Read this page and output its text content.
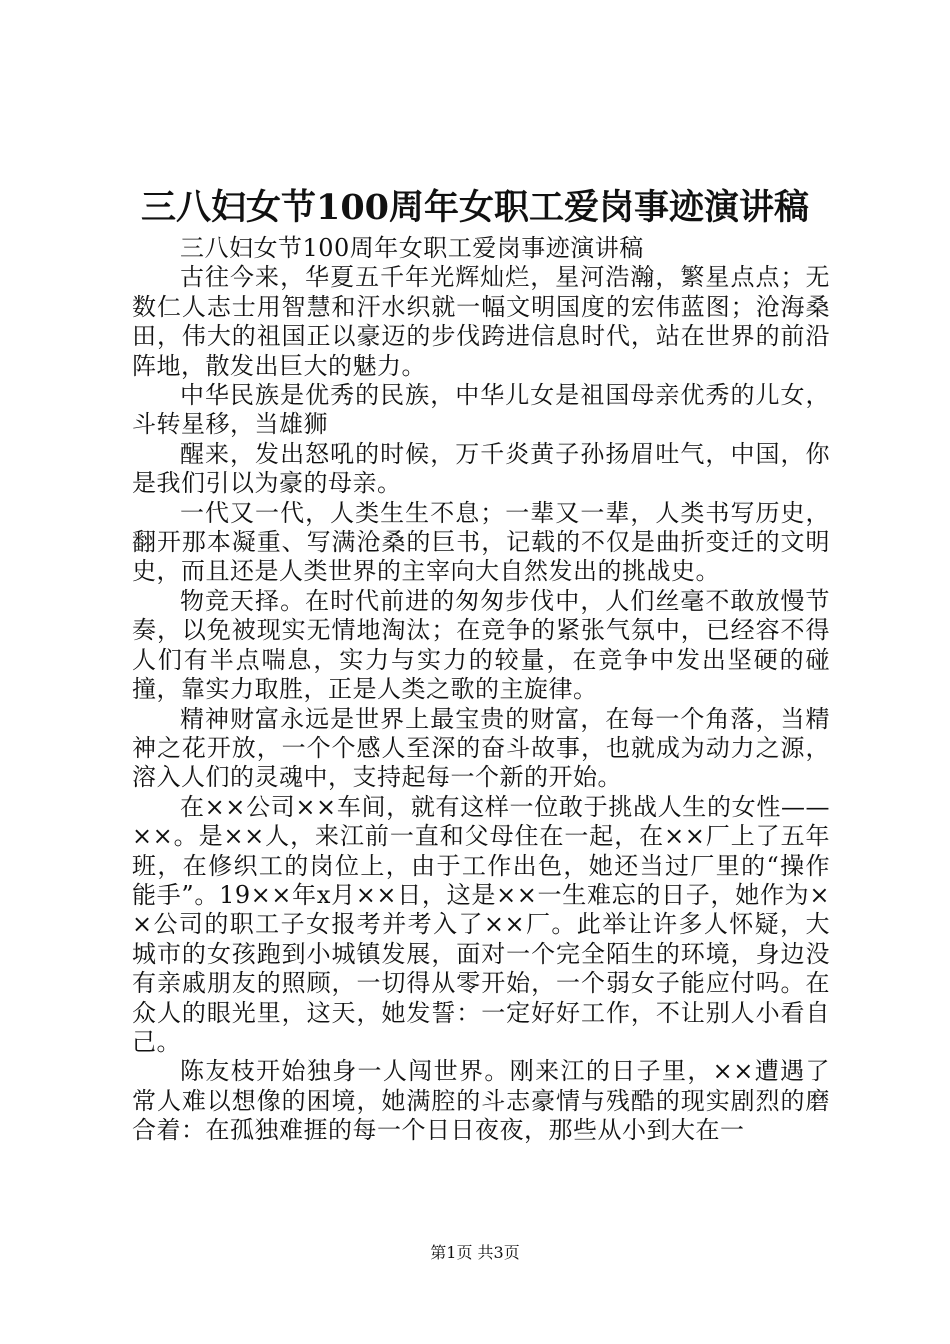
三八妇女节100周年女职工爱岗事迹演讲稿

三八妇女节100周年女职工爱岗事迹演讲稿

古往今来，华夏五千年光辉灿烂，星河浩瀚，繁星点点；无数仁人志士用智慧和汗水织就一幅文明国度的宏伟蓝图；沧海桑田，伟大的祖国正以豪迈的步伐跨进信息时代，站在世界的前沿阵地，散发出巨大的魅力。

中华民族是优秀的民族，中华儿女是祖国母亲优秀的儿女，斗转星移，当雄狮

醒来，发出怒吼的时候，万千炎黄子孙扬眉吐气，中国，你是我们引以为豪的母亲。

一代又一代，人类生生不息；一辈又一辈，人类书写历史，翻开那本凝重、写满沧桑的巨书，记载的不仅是曲折变迁的文明史，而且还是人类世界的主宰向大自然发出的挑战史。

物竞天择。在时代前进的匆匆步伐中，人们丝毫不敢放慢节奏，以免被现实无情地淘汰；在竞争的紧张气氛中，已经容不得人们有半点喘息，实力与实力的较量，在竞争中发出坚硬的碰撞，靠实力取胜，正是人类之歌的主旋律。

精神财富永远是世界上最宝贵的财富，在每一个角落，当精神之花开放，一个个感人至深的奋斗故事，也就成为动力之源，溶入人们的灵魂中，支持起每一个新的开始。

在××公司××车间，就有这样一位敢于挑战人生的女性——××。是××人，来江前一直和父母住在一起，在××厂上了五年班，在修织工的岗位上，由于工作出色，她还当过厂里的“操作能手”。19××年x月××日，这是××一生难忘的日子，她作为××公司的职工子女报考并考入了××厂。此举让许多人怀疑，大城市的女孩跑到小城镇发展，面对一个完全陌生的环境，身边没有亲戚朋友的照顾，一切得从零开始，一个弱女子能应付吗。在众人的眼光里，这天，她发誓：一定好好工作，不让别人小看自己。

陈友枝开始独身一人闯世界。刚来江的日子里，××遭遇了常人难以想像的困境，她满腔的斗志豪情与残酷的现实剧烈的磨合着：在孤独难捱的每一个日日夜夜，那些从小到大在一

第1页 共3页
